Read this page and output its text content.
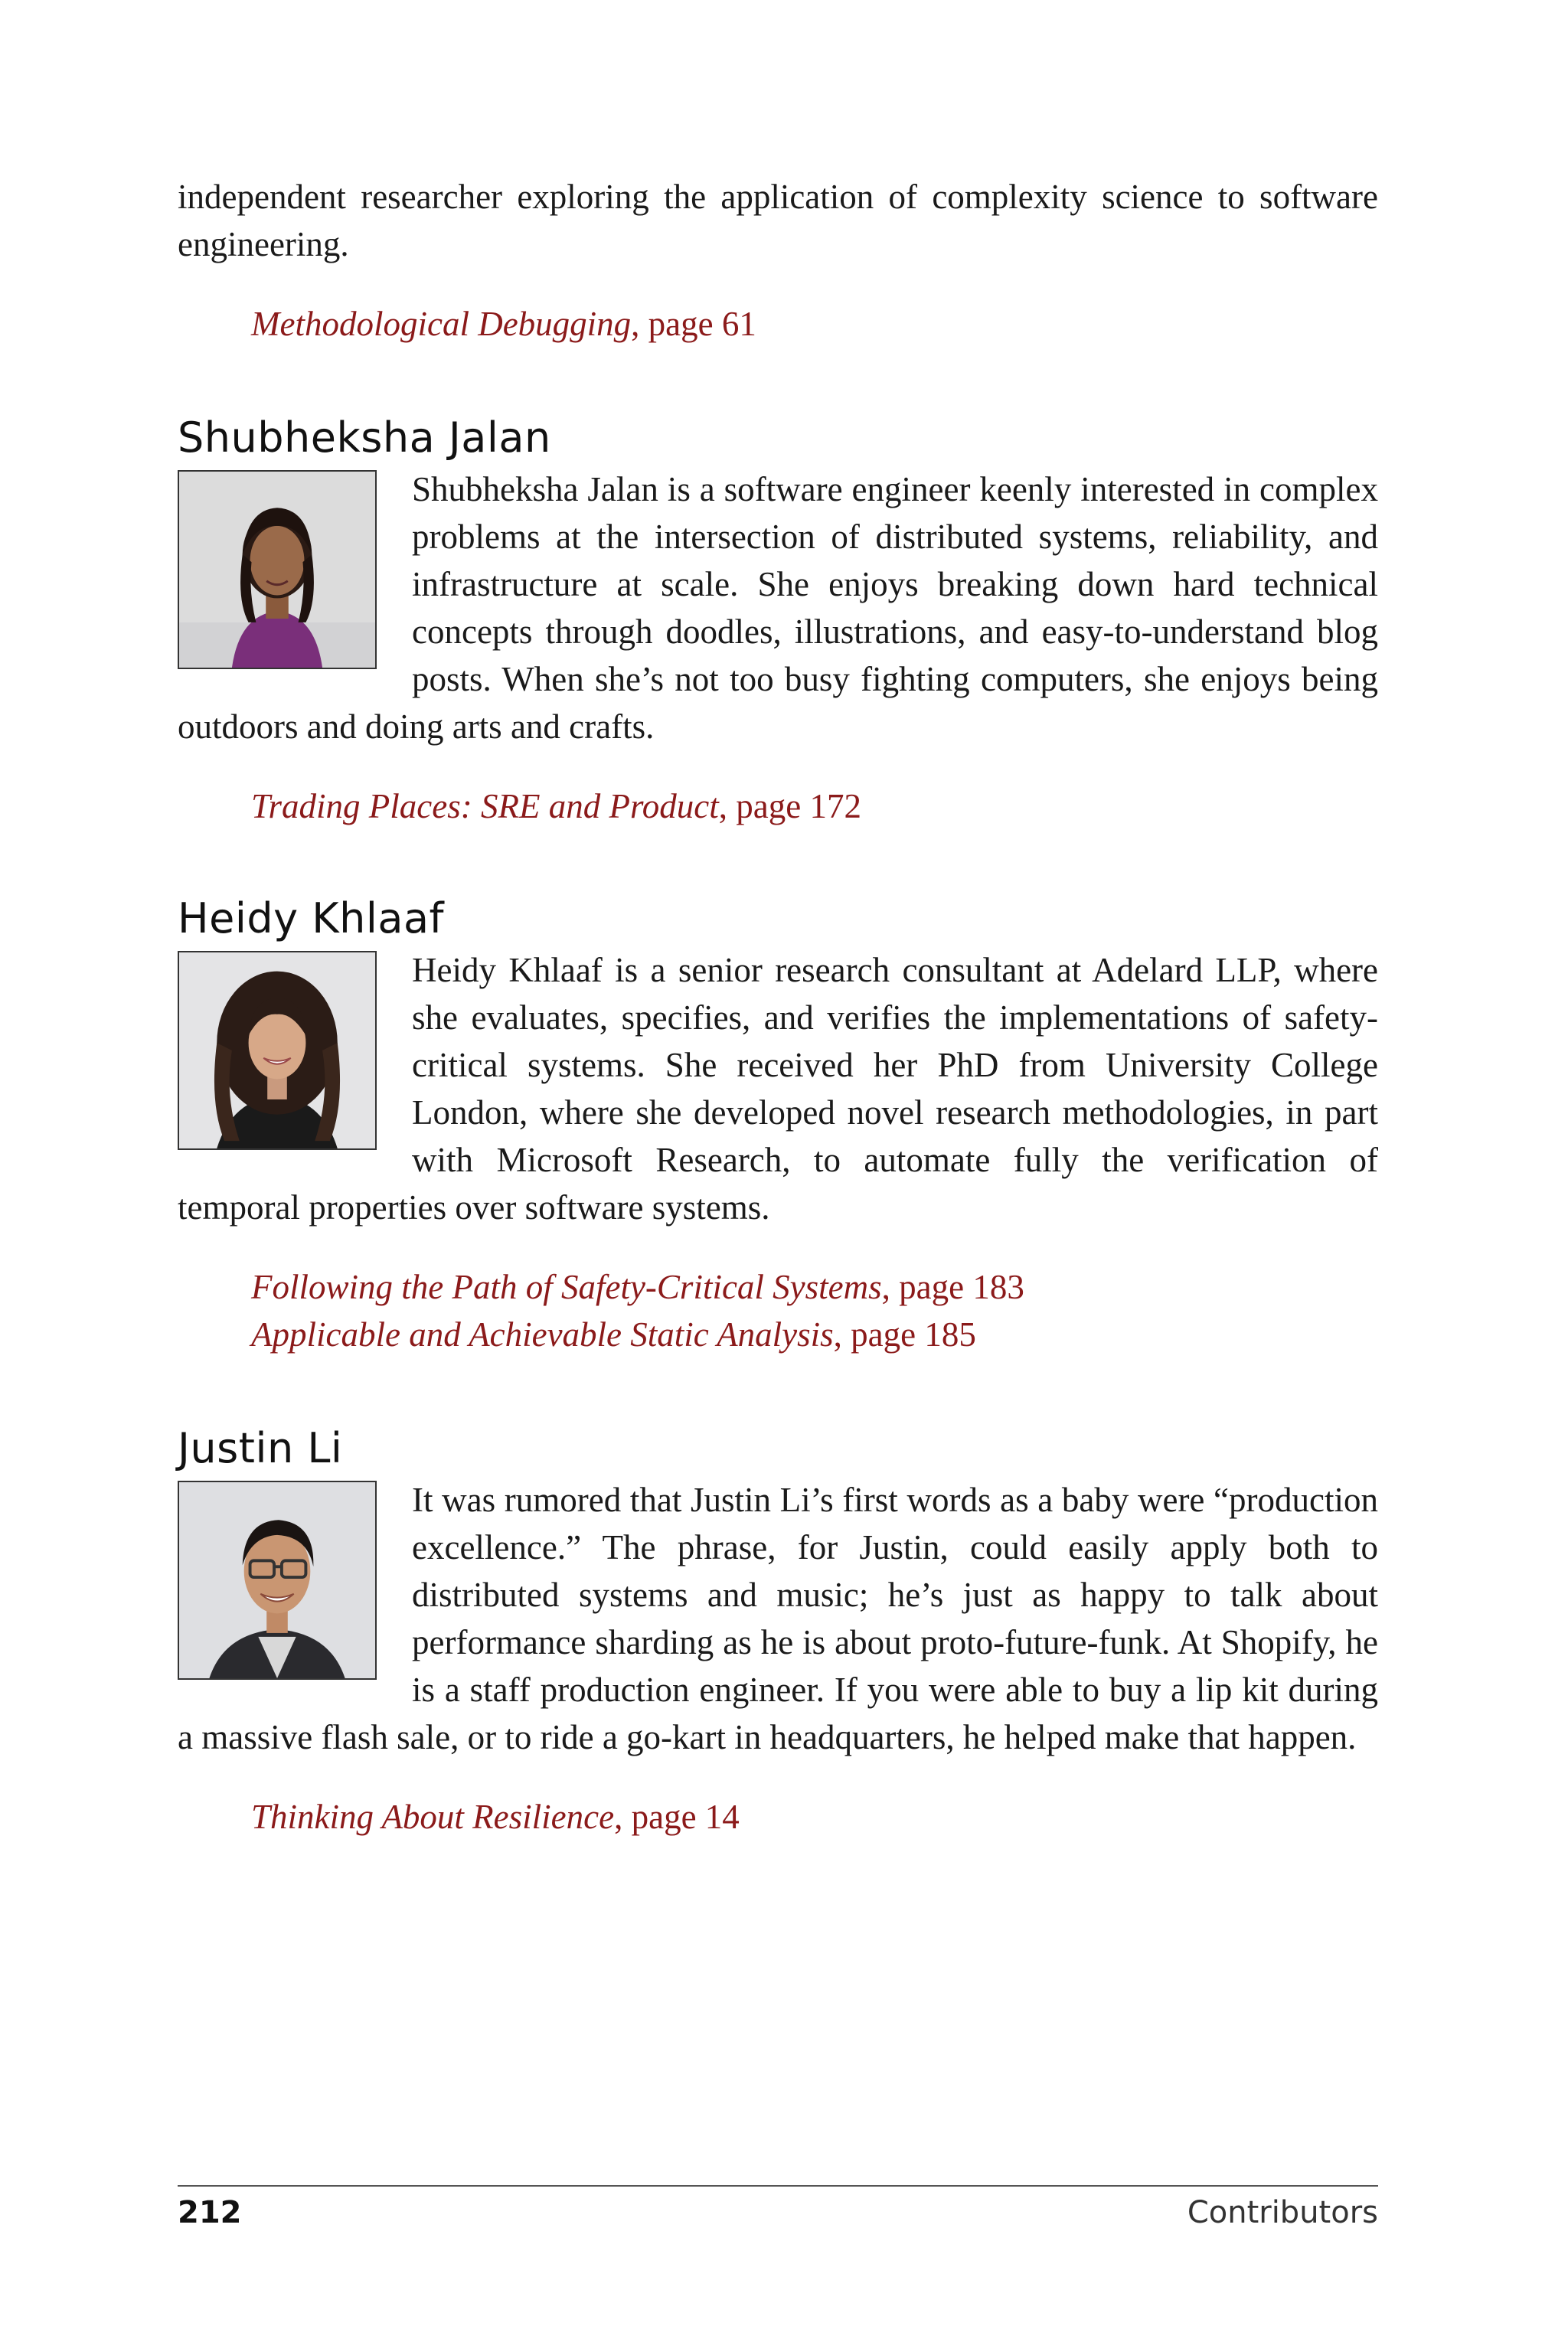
independent researcher exploring the application of complexity science to software engineering.

Methodological Debugging, page 61

Shubheksha Jalan

Shubheksha Jalan is a software engineer keenly interested in complex problems at the intersection of distributed systems, reliability, and infrastructure at scale. She enjoys breaking down hard technical concepts through doodles, illustrations, and easy-to-understand blog posts. When she’s not too busy fighting computers, she enjoys being outdoors and doing arts and crafts.

Trading Places: SRE and Product, page 172

Heidy Khlaaf

Heidy Khlaaf is a senior research consultant at Adelard LLP, where she evaluates, specifies, and verifies the implementations of safety-critical systems. She received her PhD from University College London, where she developed novel research methodologies, in part with Microsoft Research, to automate fully the verification of temporal properties over software systems.

Following the Path of Safety-Critical Systems, page 183

Applicable and Achievable Static Analysis, page 185

Justin Li

It was rumored that Justin Li’s first words as a baby were “production excellence.” The phrase, for Justin, could easily apply both to distributed systems and music; he’s just as happy to talk about performance sharding as he is about proto-future-funk. At Shopify, he is a staff production engineer. If you were able to buy a lip kit during a massive flash sale, or to ride a go-kart in headquarters, he helped make that happen.

Thinking About Resilience, page 14

212	Contributors
